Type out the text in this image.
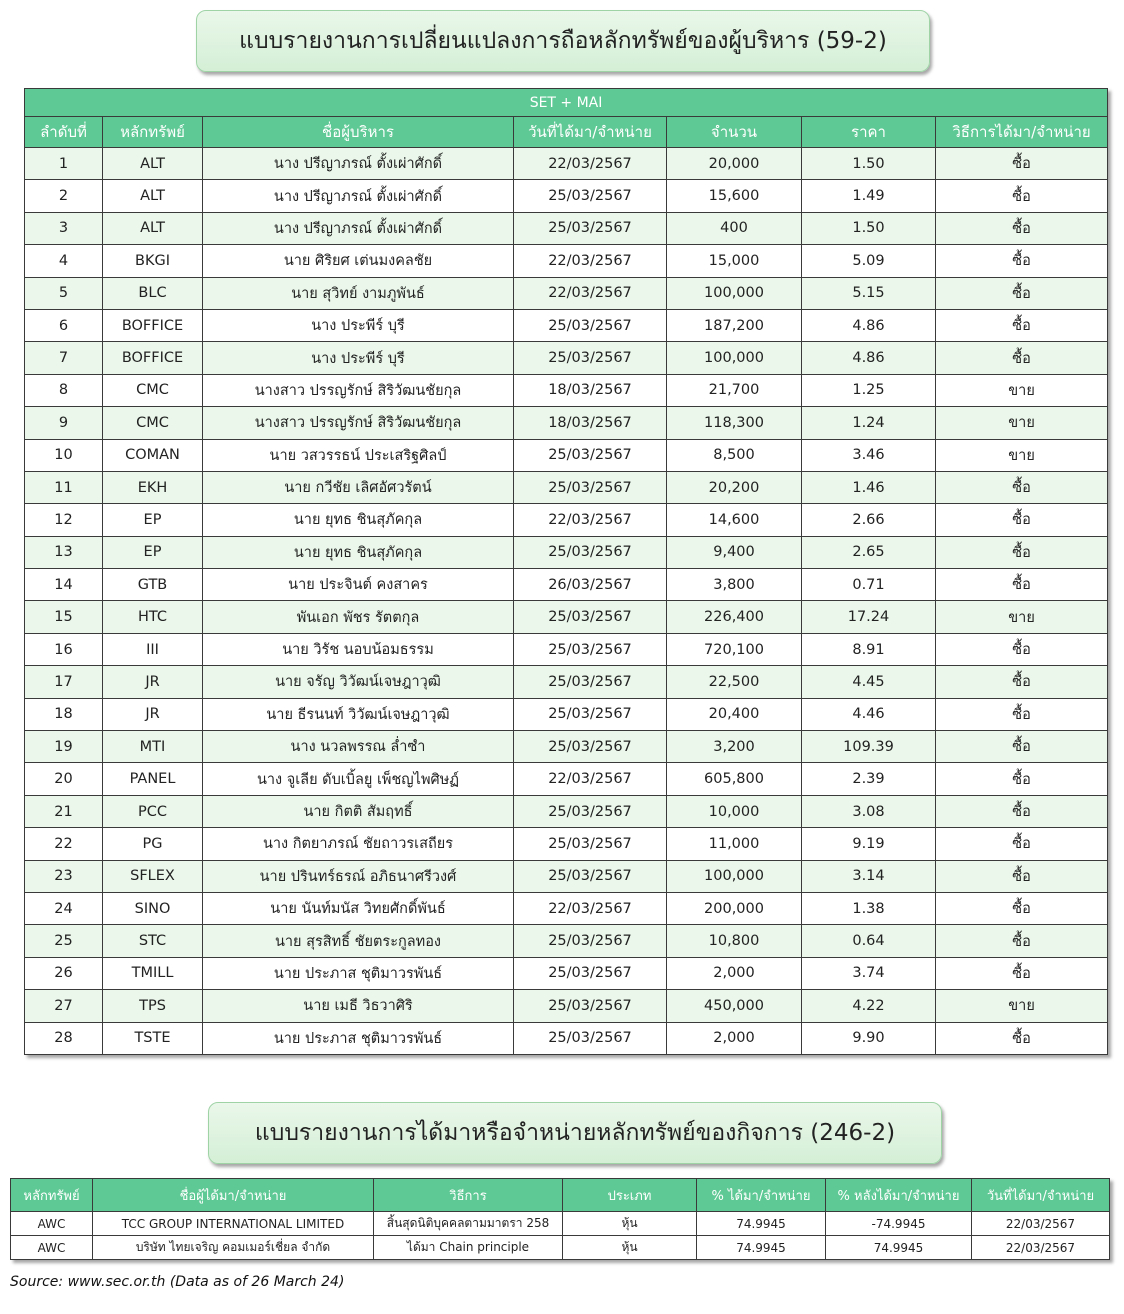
แบบรายงานการเปลี่ยนแปลงการถือหลักทรัพย์ของผู้บริหาร (59-2)
SET + MAI						
ลำดับที่	หลักทรัพย์	ชื่อผู้บริหาร	วันที่ได้มา/จำหน่าย	จำนวน	ราคา	วิธีการได้มา/จำหน่าย
1	ALT	นาง ปรีญาภรณ์ ตั้งเผ่าศักดิ์	22/03/2567	20,000	1.50	ซื้อ
2	ALT	นาง ปรีญาภรณ์ ตั้งเผ่าศักดิ์	25/03/2567	15,600	1.49	ซื้อ
3	ALT	นาง ปรีญาภรณ์ ตั้งเผ่าศักดิ์	25/03/2567	400	1.50	ซื้อ
4	BKGI	นาย ศิริยศ เต่นมงคลชัย	22/03/2567	15,000	5.09	ซื้อ
5	BLC	นาย สุวิทย์ งามภูพันธ์	22/03/2567	100,000	5.15	ซื้อ
6	BOFFICE	นาง ประพีร์ บุรี	25/03/2567	187,200	4.86	ซื้อ
7	BOFFICE	นาง ประพีร์ บุรี	25/03/2567	100,000	4.86	ซื้อ
8	CMC	นางสาว ปรรญรักษ์ สิริวัฒนชัยกุล	18/03/2567	21,700	1.25	ขาย
9	CMC	นางสาว ปรรญรักษ์ สิริวัฒนชัยกุล	18/03/2567	118,300	1.24	ขาย
10	COMAN	นาย วสวรรธน์ ประเสริฐศิลป์	25/03/2567	8,500	3.46	ขาย
11	EKH	นาย กวีชัย เลิศอัศวรัตน์	25/03/2567	20,200	1.46	ซื้อ
12	EP	นาย ยุทธ ชินสุภัคกุล	22/03/2567	14,600	2.66	ซื้อ
13	EP	นาย ยุทธ ชินสุภัคกุล	25/03/2567	9,400	2.65	ซื้อ
14	GTB	นาย ประจินต์ คงสาคร	26/03/2567	3,800	0.71	ซื้อ
15	HTC	พันเอก พัชร รัตตกุล	25/03/2567	226,400	17.24	ขาย
16	III	นาย วิรัช นอบน้อมธรรม	25/03/2567	720,100	8.91	ซื้อ
17	JR	นาย จรัญ วิวัฒน์เจษฎาวุฒิ	25/03/2567	22,500	4.45	ซื้อ
18	JR	นาย ธีรนนท์ วิวัฒน์เจษฎาวุฒิ	25/03/2567	20,400	4.46	ซื้อ
19	MTI	นาง นวลพรรณ ล่ำซำ	25/03/2567	3,200	109.39	ซื้อ
20	PANEL	นาง จูเลีย ดับเบิ้ลยู เพ็ชญไพศิษฏ์	22/03/2567	605,800	2.39	ซื้อ
21	PCC	นาย กิตติ สัมฤทธิ์	25/03/2567	10,000	3.08	ซื้อ
22	PG	นาง กิตยาภรณ์ ชัยถาวรเสถียร	25/03/2567	11,000	9.19	ซื้อ
23	SFLEX	นาย ปรินทร์ธรณ์ อภิธนาศรีวงศ์	25/03/2567	100,000	3.14	ซื้อ
24	SINO	นาย นันท์มนัส วิทยศักดิ์พันธ์	22/03/2567	200,000	1.38	ซื้อ
25	STC	นาย สุรสิทธิ์ ชัยตระกูลทอง	25/03/2567	10,800	0.64	ซื้อ
26	TMILL	นาย ประภาส ชุติมาวรพันธ์	25/03/2567	2,000	3.74	ซื้อ
27	TPS	นาย เมธี วิธวาศิริ	25/03/2567	450,000	4.22	ขาย
28	TSTE	นาย ประภาส ชุติมาวรพันธ์	25/03/2567	2,000	9.90	ซื้อ
แบบรายงานการได้มาหรือจำหน่ายหลักทรัพย์ของกิจการ (246-2)
หลักทรัพย์	ชื่อผู้ได้มา/จำหน่าย	วิธีการ	ประเภท	% ได้มา/จำหน่าย	% หลังได้มา/จำหน่าย	วันที่ได้มา/จำหน่าย
AWC	TCC GROUP INTERNATIONAL LIMITED	สิ้นสุดนิติบุคคลตามมาตรา 258	หุ้น	74.9945	-74.9945	22/03/2567
AWC	บริษัท ไทยเจริญ คอมเมอร์เชี่ยล จำกัด	ได้มา Chain principle	หุ้น	74.9945	74.9945	22/03/2567
Source: www.sec.or.th (Data as of 26 March 24)
